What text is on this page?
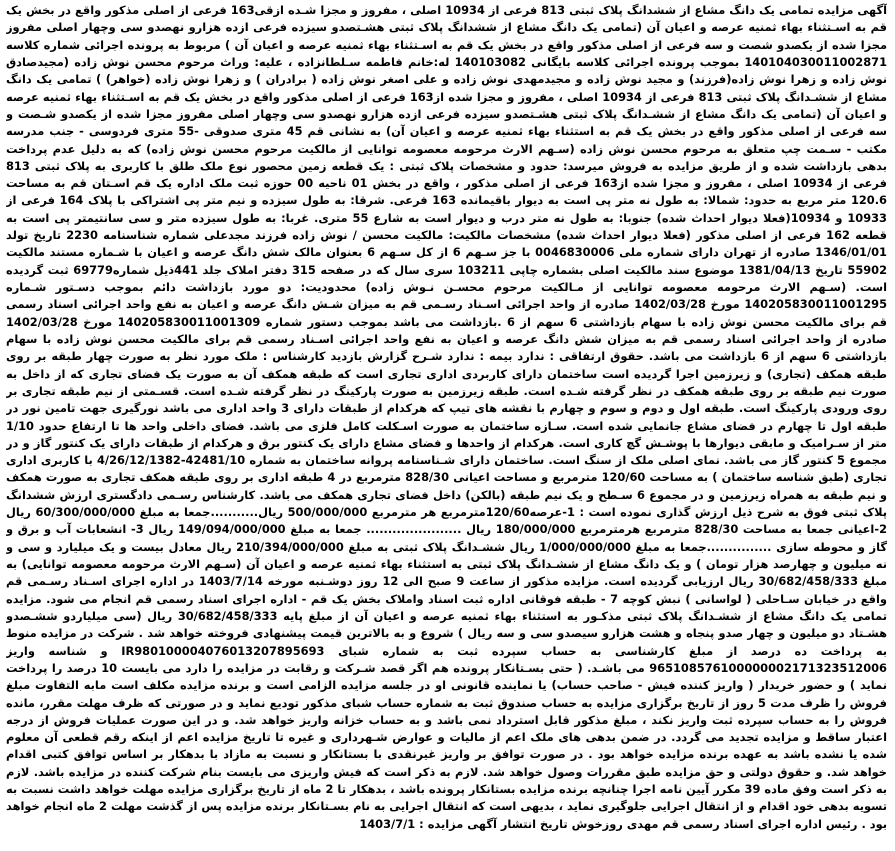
آگهی مزایده تمامی یک دانگ مشاع از ششدانگ پلاک ثبتی 813 فرعی از 10934 اصلی ، مفروز و مجزا شـده ازقی163 فرعی از اصلی مذکور واقع در بخش یک قم به اسـتثناء بهاء ثمنیه عرصه و اعیان آن (تمامی یک دانگ مشاع از ششدانگ پلاک ثبتی هشـتصدو سیزده فرعی ازده هزارو نهصدو سی وچهار اصلی مفروز مجزا شده از یکصدو شصت و سه فرعی از اصلی مذکور واقع در بخش یک قم به اسـتثناء بهاء ثمنیه عرصه و اعیان آن ) مربوط به پرونده اجرائی شماره کلاسه 140104030011002871 بموجب پرونده اجرائی کلاسه بایگانی 140103082 له:خانم فاطمه سـلطانزاده ، علیه: وراث مرحوم محسن نوش زاده (مجیدصادق نوش زاده و زهرا نوش زاده(فرزند) و مجید نوش زاده و مجیدمهدی نوش زاده و علی اصغر نوش زاده ( برادران ) و زهرا نوش زاده (خواهر) ) تمامی یک دانگ مشاع از ششـدانگ پلاک ثبتی 813 فرعی از 10934 اصلی ، مفروز و مجزا شده از163 فرعی از اصلی مذکور واقع در بخش یک قم به اسـتثناء بهاء ثمنیه عرصه و اعیان آن (تمامی یک دانگ مشاع از ششـدانگ پلاک ثبتی هشـتصدو سیزده فرعی ازده هزارو نهصدو سی وچهار اصلی مفروز مجزا شده از یکصدو شـصت و سه فرعی از اصلی مذکور واقع در بخش یک قم به استثناء بهاء ثمنیه عرصه و اعیان آن) به نشانی قم 45 متری صدوقی -55 متری فردوسی - جنب مدرسه مکتب - سـمت چپ متعلق به مرحوم محسن نوش زاده (سـهم الارث مرحومه معصومه توانایی از مالکیت مرحوم محسن نوش زاده) که به دلیل عدم پرداخت بدهی بازداشت شده و از طریق مزایده به فروش میرسد: حدود و مشخصات پلاک ثبتی : یک قطعه زمین محصور نوع ملک طلق با کاربری به پلاک ثبتی 813 فرعی از 10934 اصلی ، مفروز و مجزا شده از163 فرعی از اصلی مذکور ، واقع در بخش 01 ناحیه 00 حوزه ثبت ملک اداره یک قم اسـتان قم به مساحت 120.6 متر مربع به حدود: شمالا: به طول نه متر پی است به دیوار باقیمانده 163 فرعی. شرقا: به طول سیزده و نیم متر پی اشتراکی با پلاک 164 فرعی از 10933 و 10934(فعلا دیوار احداث شده) جنوبا: به طول نه متر درب و دیوار است به شارع 55 متری. غربا: به طول سیزده متر و سی سانتیمتر پی است به قطعه 162 فرعی از اصلی مذکور (فعلا دیوار احداث شده) مشخصات مالکیت: مالکیت محسن / نوش زاده فرزند مجدعلی شماره شناسنامه 2230 تاریخ تولد 1346/01/01 صادره از تهران دارای شماره ملی 0046830006 با جز سـهم 6 از کل سـهم 6 بعنوان مالک شش دانگ عرصه و اعیان با شـماره مستند مالکیت 55902 تاریخ 1381/04/13 موضوع سند مالکیت اصلی بشماره چاپی 103211 سری سال که در صفحه 315 دفتر املاک جلد 441ذیل شماره69779 ثبت گردیده است. (سـهم الارث مرحومه معصومه توانایی از مـالکیت مرحوم محسـن نـوش زاده) محدودیت: دو مورد بازداشت دائم بموجب دسـتور شـماره 140205830011001295 مورخ 1402/03/28 صادره از واحد اجرائی اسـناد رسـمی قم به میزان شـش دانگ عرصه و اعیان به نفع واحد اجرائی اسناد رسمی قم برای مالکیت محسن نوش زاده با سهام بازداشتی 6 سهم از 6 .بازداشت می باشد بموجب دستور شماره 140205830011001309 مورخ 1402/03/28 صادره از واحد اجرائی اسناد رسمی قم به میزان شش دانگ عرصه و اعیان به نفع واحد اجرائی اسـناد رسمی قم برای مالکیت محسن نوش زاده با سهام بازداشتی 6 سهم از 6 بازداشت می باشد. حقوق ارتفاقی : ندارد بیمه : ندارد شـرح گزارش بازدید کارشناس : ملک مورد نظر به صورت چهار طبقه بر روی طبقه همکف (تجاری) و زیرزمین اجرا گردیده است ساختمان دارای کاربردی اداری تجاری است که طبقه همکف آن به صورت یک فضای تجاری که از داخل به صورت نیم طبقه بر روی طبقه همکف در نظر گرفته شـده است. طبقه زیرزمین به صورت پارکینگ در نظر گرفته شـده است. قسـمتی از نیم طبقه تجاری بر روی ورودی پارکینگ است. طبقه اول و دوم و سوم و چهارم با نقشه های تیپ که هرکدام از طبقات دارای 3 واحد اداری می باشد نورگیری جهت تامین نور در طبقه اول تا چهارم در فضای مشاع جانمایی شده است. سـازه ساختمان به صورت اسـکلت کامل فلزی می باشد. فضای داخلی واحد ها تا ارتفاع حدود 1/10 متر از سـرامیک و مابقی دیوارها با پوشـش گچ کاری است. هرکدام از واحدها و فضای مشاع دارای یک کنتور برق و هرکدام از طبقات دارای یک کنتور گاز و در مجموع 5 کنتور گاز می باشد. نمای اصلی ملک از سنگ است. ساختمان دارای شـناسنامه پروانه ساختمان به شماره 42481/10-4/26/12/1382 با کاربری اداری تجاری (طبق شناسه ساختمان ) به مساحت 120/60 مترمربع و مساحت اعیانی 828/30 مترمربع در 4 طبقه اداری بر روی طبقه همکف تجاری به صورت همکف و نیم طبقه به همراه زیرزمین و در مجموع 6 سـطح و یک نیم طبقه (بالکن) داخل فضای تجاری همکف می باشد. کارشناس رسـمی دادگستری ارزش ششدانگ پلاک ثبتی فوق به شرح ذیل ارزش گذاری نموده است : 1-عرصه120/60مترمربع هر مترمربع 500/000/000 ریال...........جمعا به مبلغ 60/300/000/000 ریال 2-اعیانی جمعا به مساحت 828/30 مترمربع هرمترمربع 180/000/000 ریال ...................... جمعا به مبلغ 149/094/000/000 ریال 3- انشعابات آب و برق و گاز و محوطه سازی ...............جمعا به مبلغ 1/000/000/000 ریال ششـدانگ پلاک ثبتی به مبلغ 210/394/000/000 ریال معادل بیست و یک میلیارد و سی و نه میلیون و چهارصد هزار تومان ) و یک دانگ مشاع از ششـدانگ پلاک ثبتی به استثناء بهاء ثمنیه عرصه و اعیان آن (سـهم الارث مرحومه معصومه توانایی) به مبلغ 30/682/458/333 ریال ارزیابی گردیده است. مزایده مذکور از ساعت 9 صبح الی 12 روز دوشـنبه مورخه 1403/7/14 در اداره اجرای اسـناد رسـمی قم واقع در خیابان سـاحلی ( لواسانی ) نبش کوچه 7 - طبقه فوقانی اداره ثبت اسناد واملاک بخش یک قم - اداره اجرای اسناد رسمی قم انجام می شود. مزایده تمامی یک دانگ مشاع از ششـدانگ پلاک ثبتی مذکـور به استثناء بهاء ثمنیه عرصه و اعیان آن از مبلغ پایه 30/682/458/333 ریال (سی میلیاردو ششـصدو هشـتاد دو میلیون و چهار صدو پنجاه و هشت هزارو سیصدو سی و سه ریال ) شروع و به بالاترین قیمت پیشنهادی فروخته خواهد شد . شرکت در مزایده منوط به پرداخت ده درصد از مبلغ کارشناسی به حساب سپرده ثبت به شماره شبای IR980100004076013207895693 و شناسه واریز 965108576100000002171323512006 می باشـد. ( حتی بسـتانکار پرونده هم اگر قصد شـرکت و رقابت در مزایده را دارد می بایست 10 درصد را پرداخت نماید ) و حضور خریدار ( واریز کننده فیش - صاحب حساب) یا نماینده قانونی او در جلسه مزایده الزامی است و برنده مزایده مکلف است مابه التفاوت مبلغ فروش را ظرف مدت 5 روز از تاریخ برگزاری مزایده به حساب صندوق ثبت به شماره حساب شبای مذکور تودیع نماید و در صورتی که ظرف مهلت مقرر، مانده فروش را به حساب سپرده ثبت واریز نکند ، مبلغ مذکور قابل استرداد نمی باشد و به حساب خزانه واریز خواهد شد. و در این صورت عملیات فروش از درجه اعتبار ساقط و مزایده تجدید می گردد. در ضمن بدهی های ملک اعم از مالیات و عوارض شـهرداری و غیره تا تاریخ مزایده اعم از اینکه رقم قطعی آن معلوم شده یا نشده باشد به عهده برنده مزایده خواهد بود . در صورت توافق بر واریز غیرنقدی با بستانکار و نسبت به مازاد با بدهکار بر اساس توافق کتبی اقدام خواهد شد. و حقوق دولتی و حق مزایده طبق مقررات وصول خواهد شد. لازم به ذکر است که فیش واریزی می بایست بنام شرکت کننده در مزایده باشد. لازم به ذکر است وفق ماده 39 مکرر آیین نامه اجرا چنانچه برنده مزایده بستانکار پرونده باشد ، بدهکار تا 2 ماه از تاریخ برگزاری مزایده مهلت خواهد داشت نسبت به تسویه بدهی خود اقدام و از انتقال اجرایی جلوگیری نماید ، بدیهی است که انتقال اجرایی به نام بسـتانکار برنده مزایده پس از گذشت مهلت 2 ماه انجام خواهد بود . رئیس اداره اجرای اسناد رسمی قم مهدی روزخوش تاریخ انتشار آگهی مزایده : 1403/7/1
